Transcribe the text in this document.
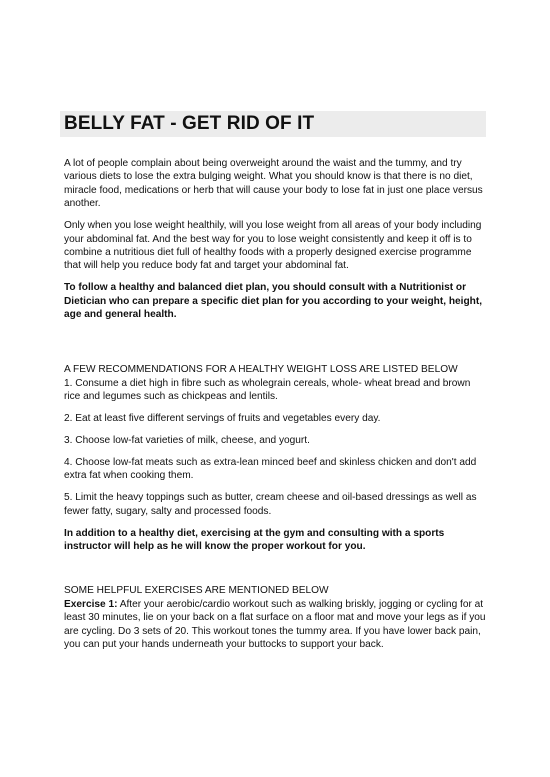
BELLY FAT - GET RID OF IT

A lot of people complain about being overweight around the waist and the tummy, and try various diets to lose the extra bulging weight. What you should know is that there is no diet, miracle food, medications or herb that will cause your body to lose fat in just one place versus another.

Only when you lose weight healthily, will you lose weight from all areas of your body including your abdominal fat. And the best way for you to lose weight consistently and keep it off is to combine a nutritious diet full of healthy foods with a properly designed exercise programme that will help you reduce body fat and target your abdominal fat.

To follow a healthy and balanced diet plan, you should consult with a Nutritionist or Dietician who can prepare a specific diet plan for you according to your weight, height, age and general health.

A FEW RECOMMENDATIONS FOR A HEALTHY WEIGHT LOSS ARE LISTED BELOW

1. Consume a diet high in fibre such as wholegrain cereals, whole- wheat bread and brown rice and legumes such as chickpeas and lentils.

2. Eat at least five different servings of fruits and vegetables every day.

3. Choose low-fat varieties of milk, cheese, and yogurt.

4. Choose low-fat meats such as extra-lean minced beef and skinless chicken and don't add extra fat when cooking them.

5. Limit the heavy toppings such as butter, cream cheese and oil-based dressings as well as fewer fatty, sugary, salty and processed foods.

In addition to a healthy diet, exercising at the gym and consulting with a sports instructor will help as he will know the proper workout for you.

SOME HELPFUL EXERCISES ARE MENTIONED BELOW

Exercise 1: After your aerobic/cardio workout such as walking briskly, jogging or cycling for at least 30 minutes, lie on your back on a flat surface on a floor mat and move your legs as if you are cycling. Do 3 sets of 20. This workout tones the tummy area. If you have lower back pain, you can put your hands underneath your buttocks to support your back.
